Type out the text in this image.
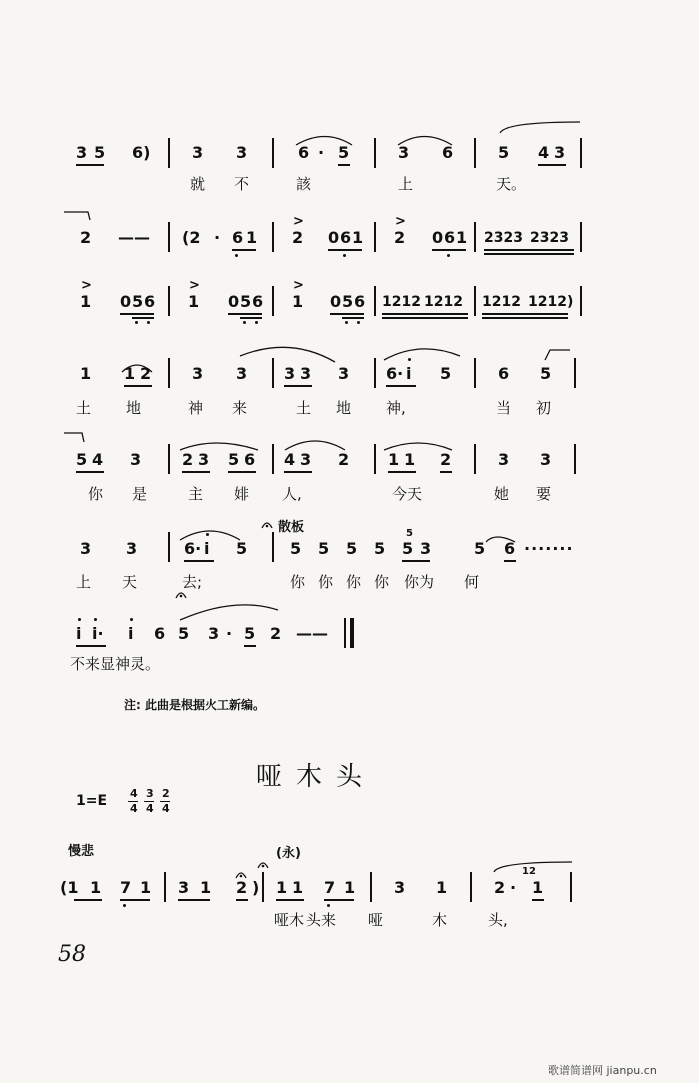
3 5 6)	3 3	6 · 5	3 6	5 4 3
就 不	該	上	天。
2 —— (2 · 6 1
>
2 0 6 1
>
2 0 6 1 2323 2323
>
1 0 5 6
>
1 0 5 6
>
1 0 5 6 1212 1212 1212 1212)
1 1 2	3 3 3 3 3 6· i 5	6 5
土 地	神 来	土 地 神,	当 初
5 4 3	2 3 5 6 4 3 2 1 1 2	3 3
你 是	主 婔 人,	今天	她 要
3 3	6· i 5
散板
5 5 5 5
5
5 3	5 6 ·······
上 天	去;	你 你 你 你 你为 何
i i· i 6 5 3 · 5 2 ——
不来显神灵。
注: 此曲是根据火工新编。
哑木头
1=E 4
4
3
4
2
4
慢悲	(永)
(1 1 7 1 3 1 2 ) 1 1 7 1 3 1	2 ·
12
1
哑木 头来 哑	木	头,
58
歌谱简谱网 jianpu.cn
